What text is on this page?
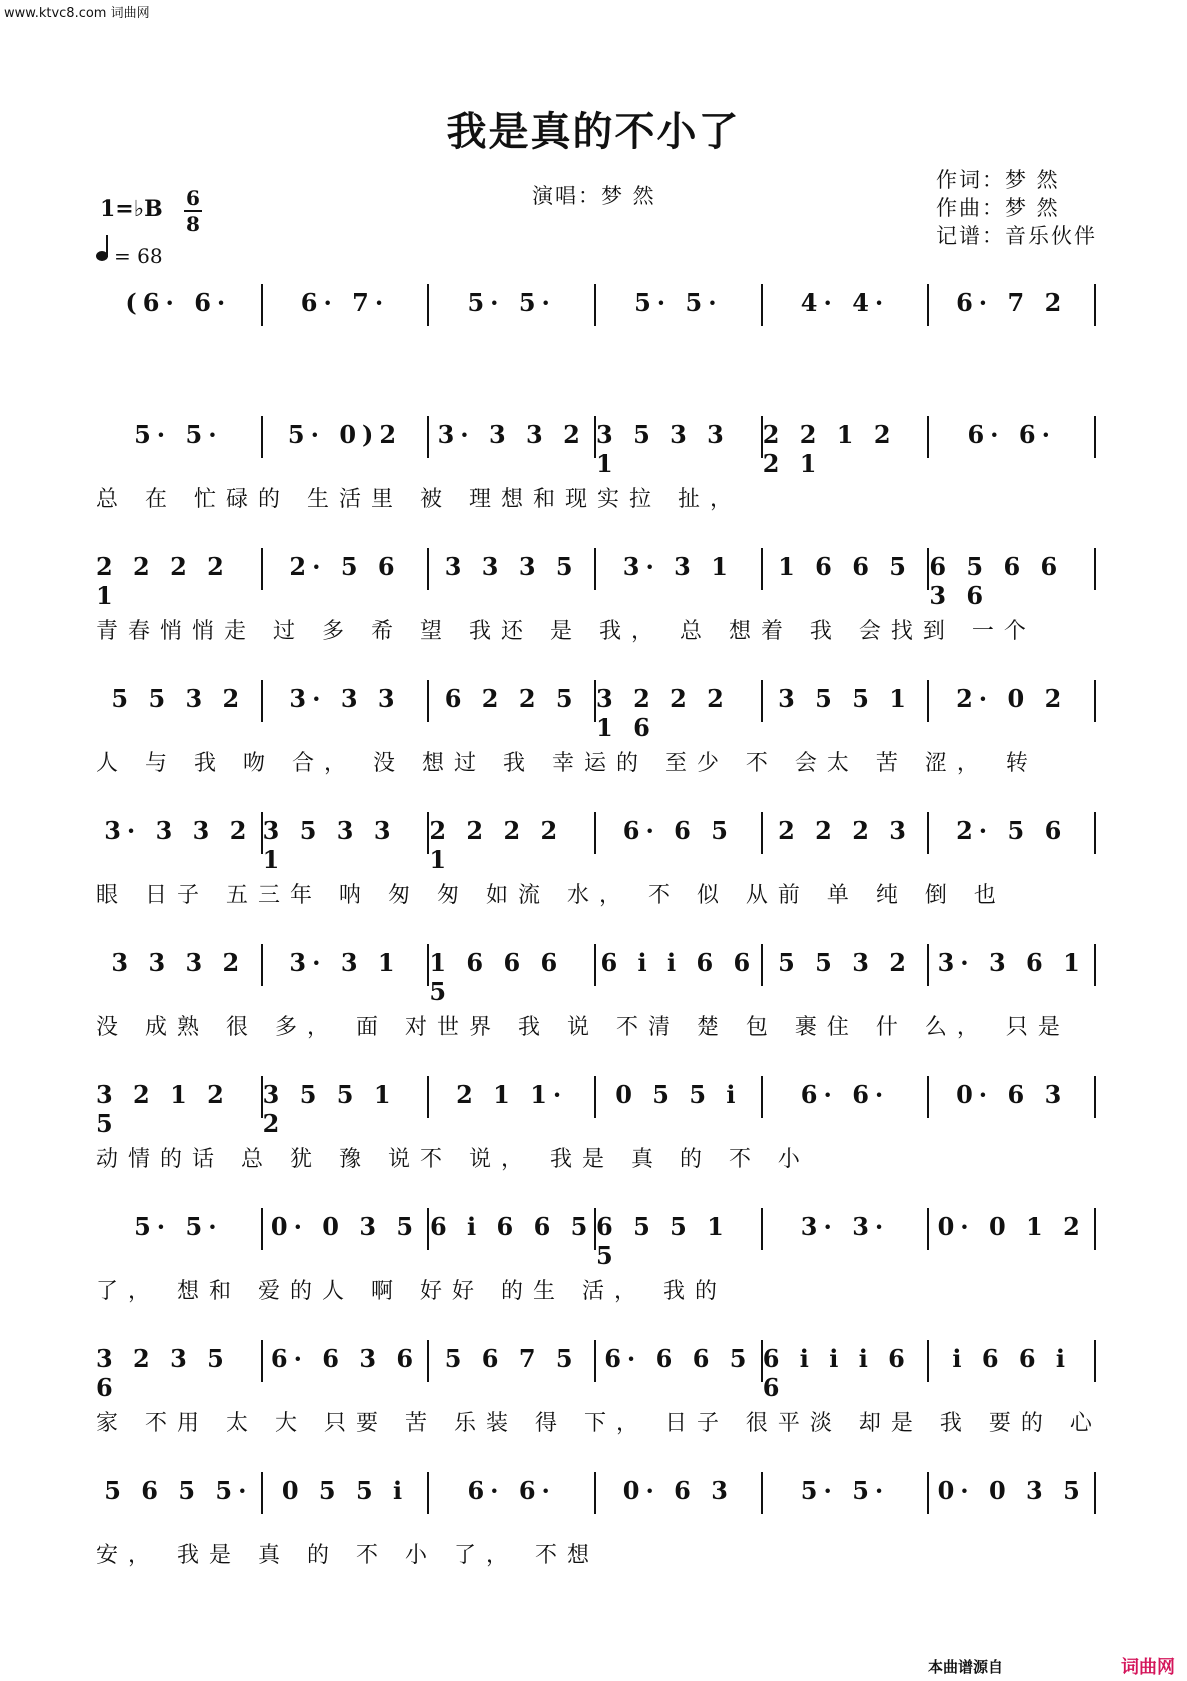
www.ktvc8.com 词曲网
我是真的不小了
1=♭B 6
8
= 68
演唱：梦 然
作词：梦 然
作曲：梦 然
记谱：音乐伙伴
(6· 6·	6· 7·	5· 5·	5· 5·	4· 4·	6· 7 2
5· 5·	5· 0)2 3· 3 3 2 3 5 3 3 1
2 2 1 2 2 1
6· 6·
总 在 忙碌的 生活里 被 理想和现实拉 扯，
2 2 2 2 1
2· 5 6 3 3 3 5 3· 3 1 1 6 6 5 6 5 6 6 3 6
青春悄悄走 过 多 希 望 我还 是 我， 总 想着 我 会找到 一个
5 5 3 2 3· 3 3 6 2 2 5 3 2 2 2 1 6
3 5 5 1 2· 0 2
人 与 我 吻 合， 没 想过 我 幸运的 至少 不 会太 苦 涩， 转
3· 3 3 2 3 5 3 3 1
2 2 2 2 1
6· 6 5 2 2 2 3 2· 5 6
眼 日子 五三年 呐 匆 匆 如流 水， 不 似 从前 单 纯 倒 也
3 3 3 2 3· 3 1 1 6 6 6 5
6 i i 6 6 5 5 3 2 3· 3 6 1
没 成熟 很 多， 面 对世界 我 说 不清 楚 包 裹住 什 么， 只是
3 2 1 2 5
3 5 5 1 2
2 1 1· 0 5 5 i 6· 6·	0· 6 3
动情的话 总 犹 豫 说不 说， 我是 真 的 不 小
5· 5· 0· 0 3 5 6 i 6 6 5 6 5 5 1 5
3· 3· 0· 0 1 2
了， 想和 爱的人 啊 好好 的生 活， 我的
3 2 3 5 6
6· 6 3 6 5 6 7 5 6· 6 6 5 6 i i i 6 6
i 6 6 i
家 不用 太 大 只要 苦 乐装 得 下， 日子 很平淡 却是 我 要的 心
5 6 5 5· 0 5 5 i 6· 6·	0· 6 3	5· 5· 0· 0 3 5
安， 我是 真 的 不 小 了， 不想
本曲谱源自	词曲网
